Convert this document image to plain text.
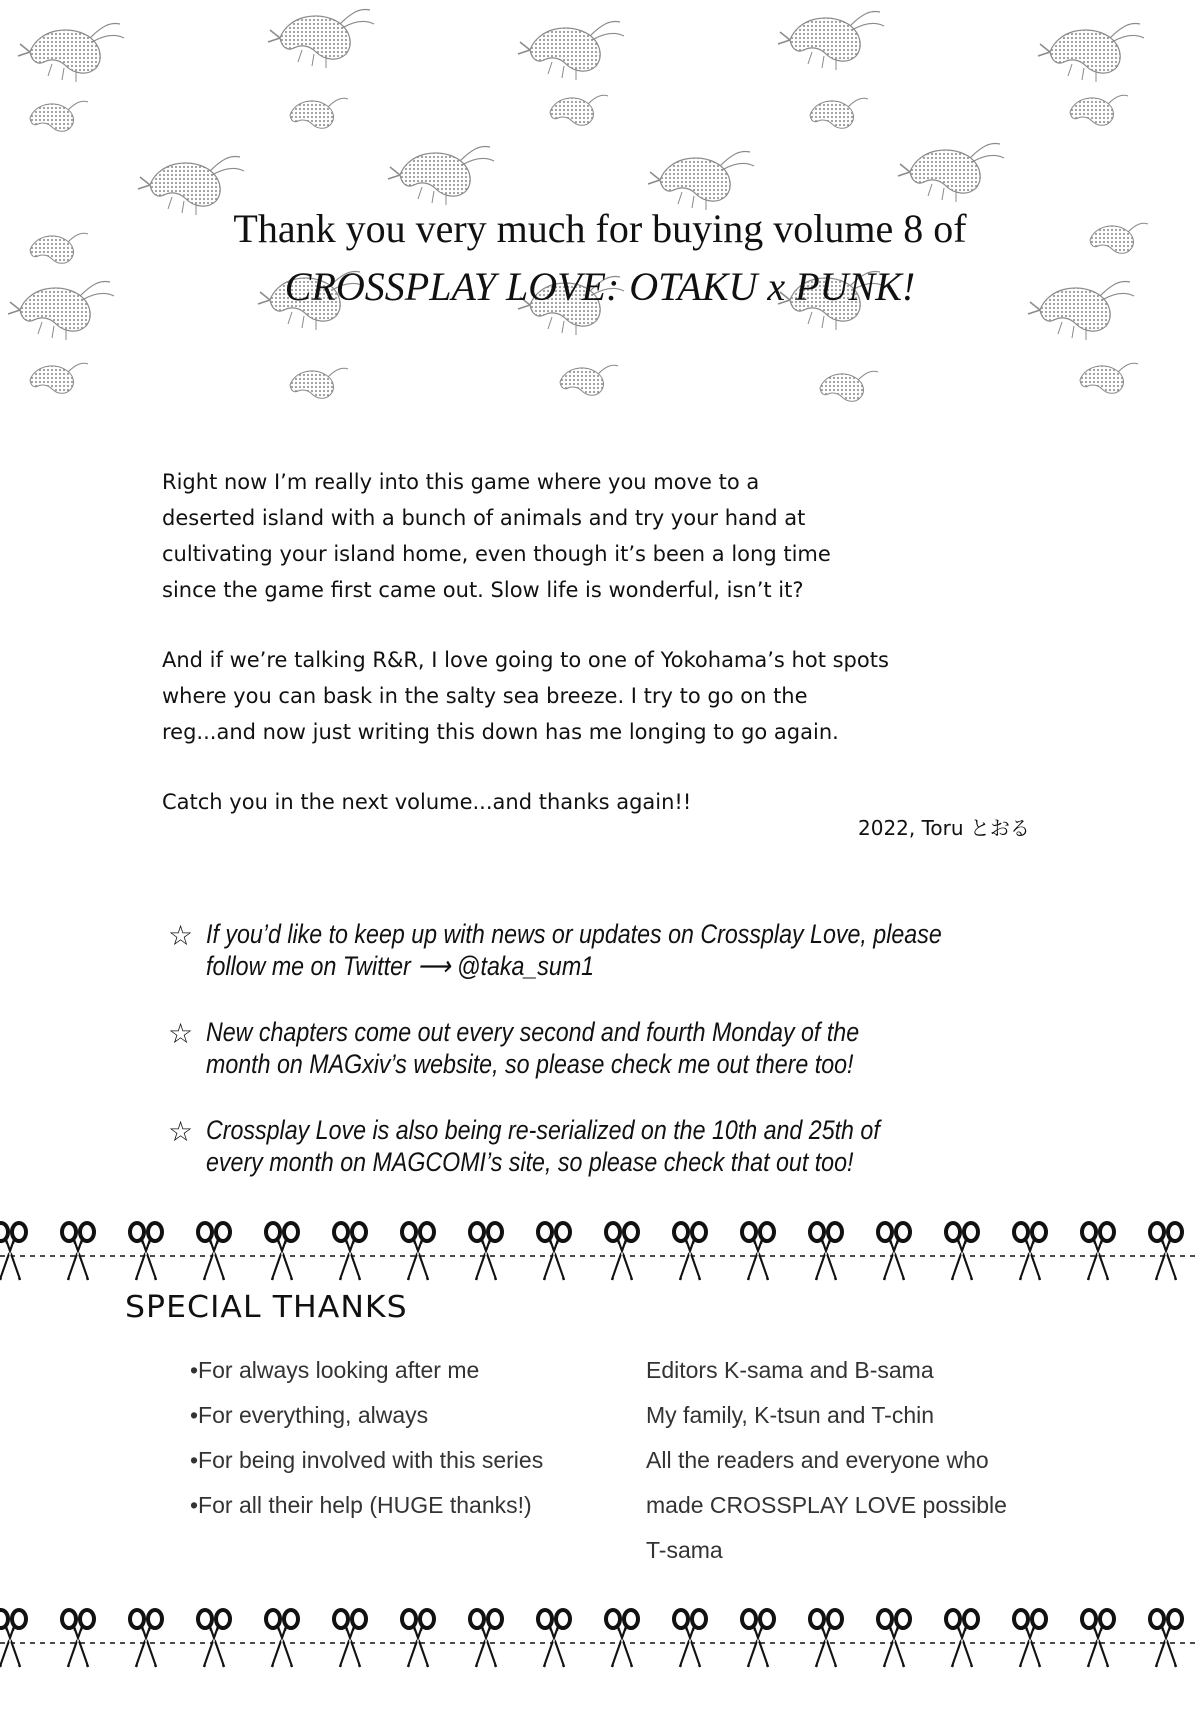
Thank you very much for buying volume 8 of
CROSSPLAY LOVE: OTAKU x PUNK!

Right now I’m really into this game where you move to a

deserted island with a bunch of animals and try your hand at

cultivating your island home, even though it’s been a long time

since the game first came out. Slow life is wonderful, isn’t it?

And if we’re talking R&R, I love going to one of Yokohama’s hot spots

where you can bask in the salty sea breeze. I try to go on the

reg...and now just writing this down has me longing to go again.

Catch you in the next volume...and thanks again!!

2022, Toru とおる
☆ If you’d like to keep up with news or updates on Crossplay Love, please
follow me on Twitter ⟶ @taka_sum1
☆ New chapters come out every second and fourth Monday of the
month on MAGxiv’s website, so please check me out there too!
☆ Crossplay Love is also being re-serialized on the 10th and 25th of
every month on MAGCOMI’s site, so please check that out too!
SPECIAL THANKS
•For always looking after me
•For everything, always
•For being involved with this series
•For all their help (HUGE thanks!)
Editors K-sama and B-sama
My family, K-tsun and T-chin
All the readers and everyone who
made CROSSPLAY LOVE possible
T-sama
